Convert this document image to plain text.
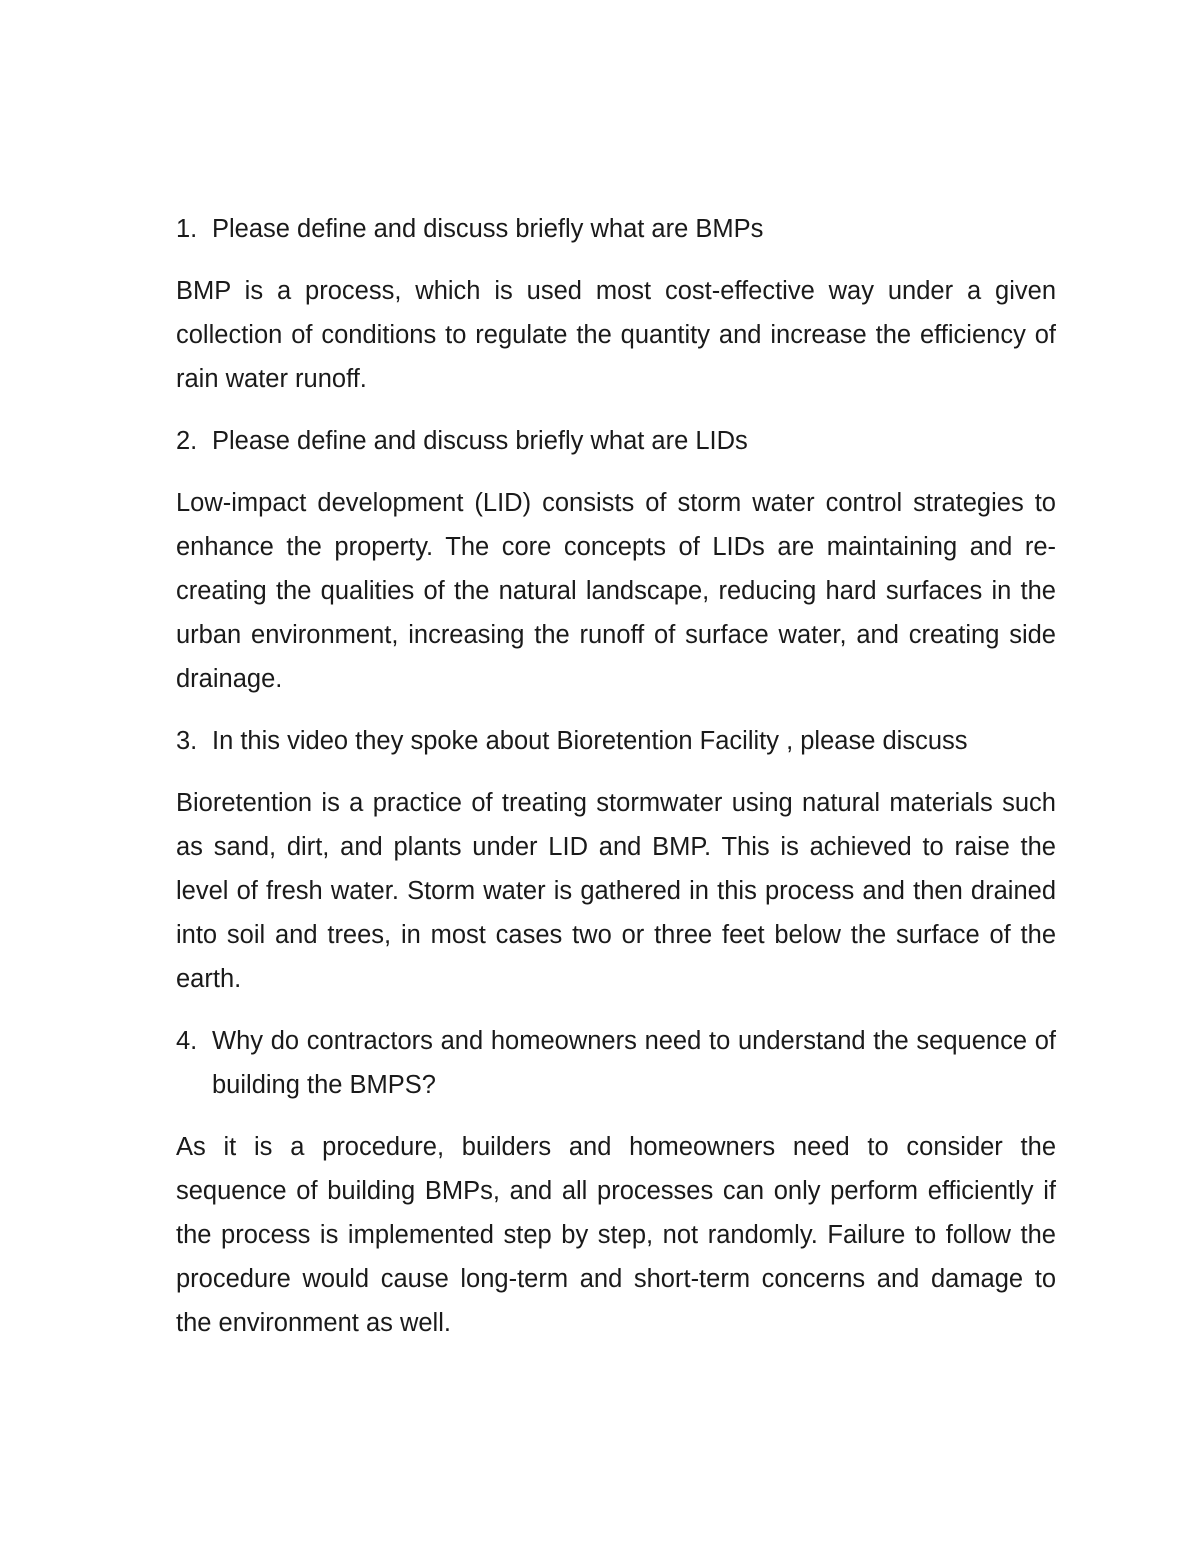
1. Please define and discuss briefly what are BMPs

BMP is a process, which is used most cost-effective way under a given collection of conditions to regulate the quantity and increase the efficiency of rain water runoff.

2. Please define and discuss briefly what are LIDs

Low-impact development (LID) consists of storm water control strategies to enhance the property. The core concepts of LIDs are maintaining and re-creating the qualities of the natural landscape, reducing hard surfaces in the urban environment, increasing the runoff of surface water, and creating side drainage.

3. In this video they spoke about Bioretention Facility , please discuss

Bioretention is a practice of treating stormwater using natural materials such as sand, dirt, and plants under LID and BMP. This is achieved to raise the level of fresh water. Storm water is gathered in this process and then drained into soil and trees, in most cases two or three feet below the surface of the earth.

4. Why do contractors and homeowners need to understand the sequence of building the BMPS?

As it is a procedure, builders and homeowners need to consider the sequence of building BMPs, and all processes can only perform efficiently if the process is implemented step by step, not randomly. Failure to follow the procedure would cause long-term and short-term concerns and damage to the environment as well.
